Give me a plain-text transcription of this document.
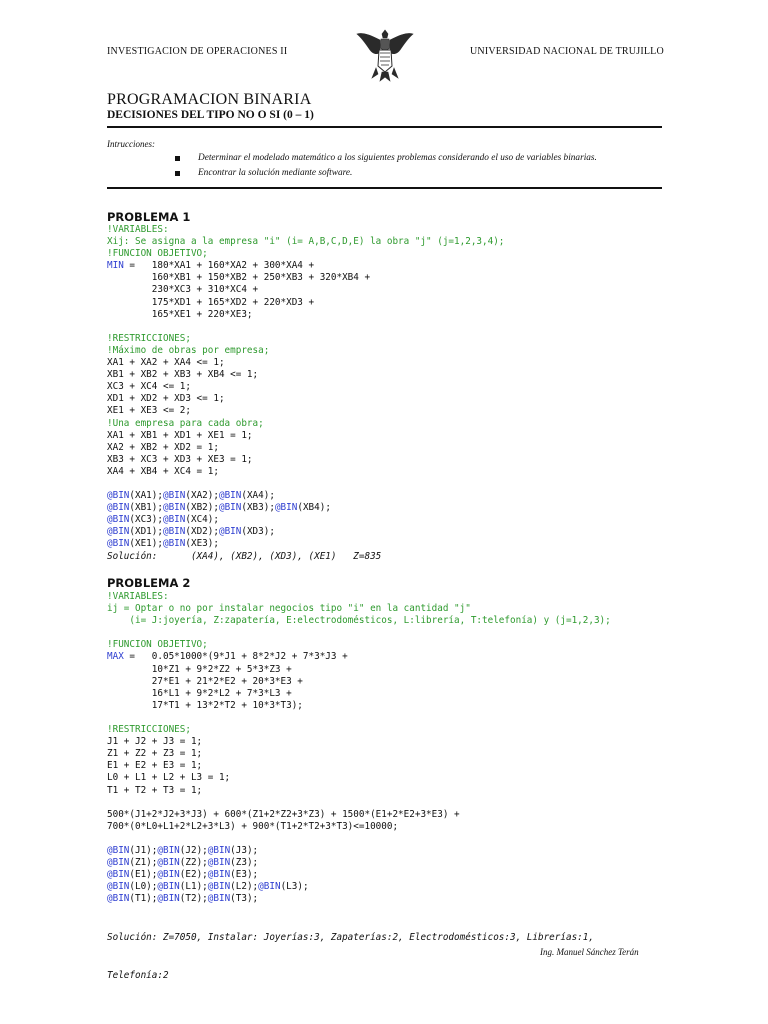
INVESTIGACION DE OPERACIONES II	UNIVERSIDAD NACIONAL DE TRUJILLO
PROGRAMACION BINARIA
DECISIONES DEL TIPO NO O SI (0 – 1)
Intrucciones:
Determinar el modelado matemático a los siguientes problemas considerando el uso de variables binarias.
Encontrar la solución mediante software.
PROBLEMA 1
!VARIABLES:
Xij: Se asigna a la empresa "i" (i= A,B,C,D,E) la obra "j" (j=1,2,3,4);
!FUNCION OBJETIVO;
MIN =   180*XA1 + 160*XA2 + 300*XA4 +
160*XB1 + 150*XB2 + 250*XB3 + 320*XB4 +
230*XC3 + 310*XC4 +
175*XD1 + 165*XD2 + 220*XD3 +
165*XE1 + 220*XE3;
!RESTRICCIONES;
!Máximo de obras por empresa;
XA1 + XA2 + XA4 <= 1;
XB1 + XB2 + XB3 + XB4 <= 1;
XC3 + XC4 <= 1;
XD1 + XD2 + XD3 <= 1;
XE1 + XE3 <= 2;
!Una empresa para cada obra;
XA1 + XB1 + XD1 + XE1 = 1;
XA2 + XB2 + XD2 = 1;
XB3 + XC3 + XD3 + XE3 = 1;
XA4 + XB4 + XC4 = 1;
@BIN(XA1);@BIN(XA2);@BIN(XA4);
@BIN(XB1);@BIN(XB2);@BIN(XB3);@BIN(XB4);
@BIN(XC3);@BIN(XC4);
@BIN(XD1);@BIN(XD2);@BIN(XD3);
@BIN(XE1);@BIN(XE3);
Solución:      (XA4), (XB2), (XD3), (XE1)   Z=835
PROBLEMA 2
!VARIABLES:
ij = Optar o no por instalar negocios tipo "i" en la cantidad "j"
(i= J:joyería, Z:zapatería, E:electrodomésticos, L:librería, T:telefonía) y (j=1,2,3);
!FUNCION OBJETIVO;
MAX =   0.05*1000*(9*J1 + 8*2*J2 + 7*3*J3 +
10*Z1 + 9*2*Z2 + 5*3*Z3 +
27*E1 + 21*2*E2 + 20*3*E3 +
16*L1 + 9*2*L2 + 7*3*L3 +
17*T1 + 13*2*T2 + 10*3*T3);
!RESTRICCIONES;
J1 + J2 + J3 = 1;
Z1 + Z2 + Z3 = 1;
E1 + E2 + E3 = 1;
L0 + L1 + L2 + L3 = 1;
T1 + T2 + T3 = 1;
500*(J1+2*J2+3*J3) + 600*(Z1+2*Z2+3*Z3) + 1500*(E1+2*E2+3*E3) +
700*(0*L0+L1+2*L2+3*L3) + 900*(T1+2*T2+3*T3)<=10000;
@BIN(J1);@BIN(J2);@BIN(J3);
@BIN(Z1);@BIN(Z2);@BIN(Z3);
@BIN(E1);@BIN(E2);@BIN(E3);
@BIN(L0);@BIN(L1);@BIN(L2);@BIN(L3);
@BIN(T1);@BIN(T2);@BIN(T3);

Solución: Z=7050, Instalar: Joyerías:3, Zapaterías:2, Electrodomésticos:3, Librerías:1,

Telefonía:2

Ing. Manuel Sánchez Terán
